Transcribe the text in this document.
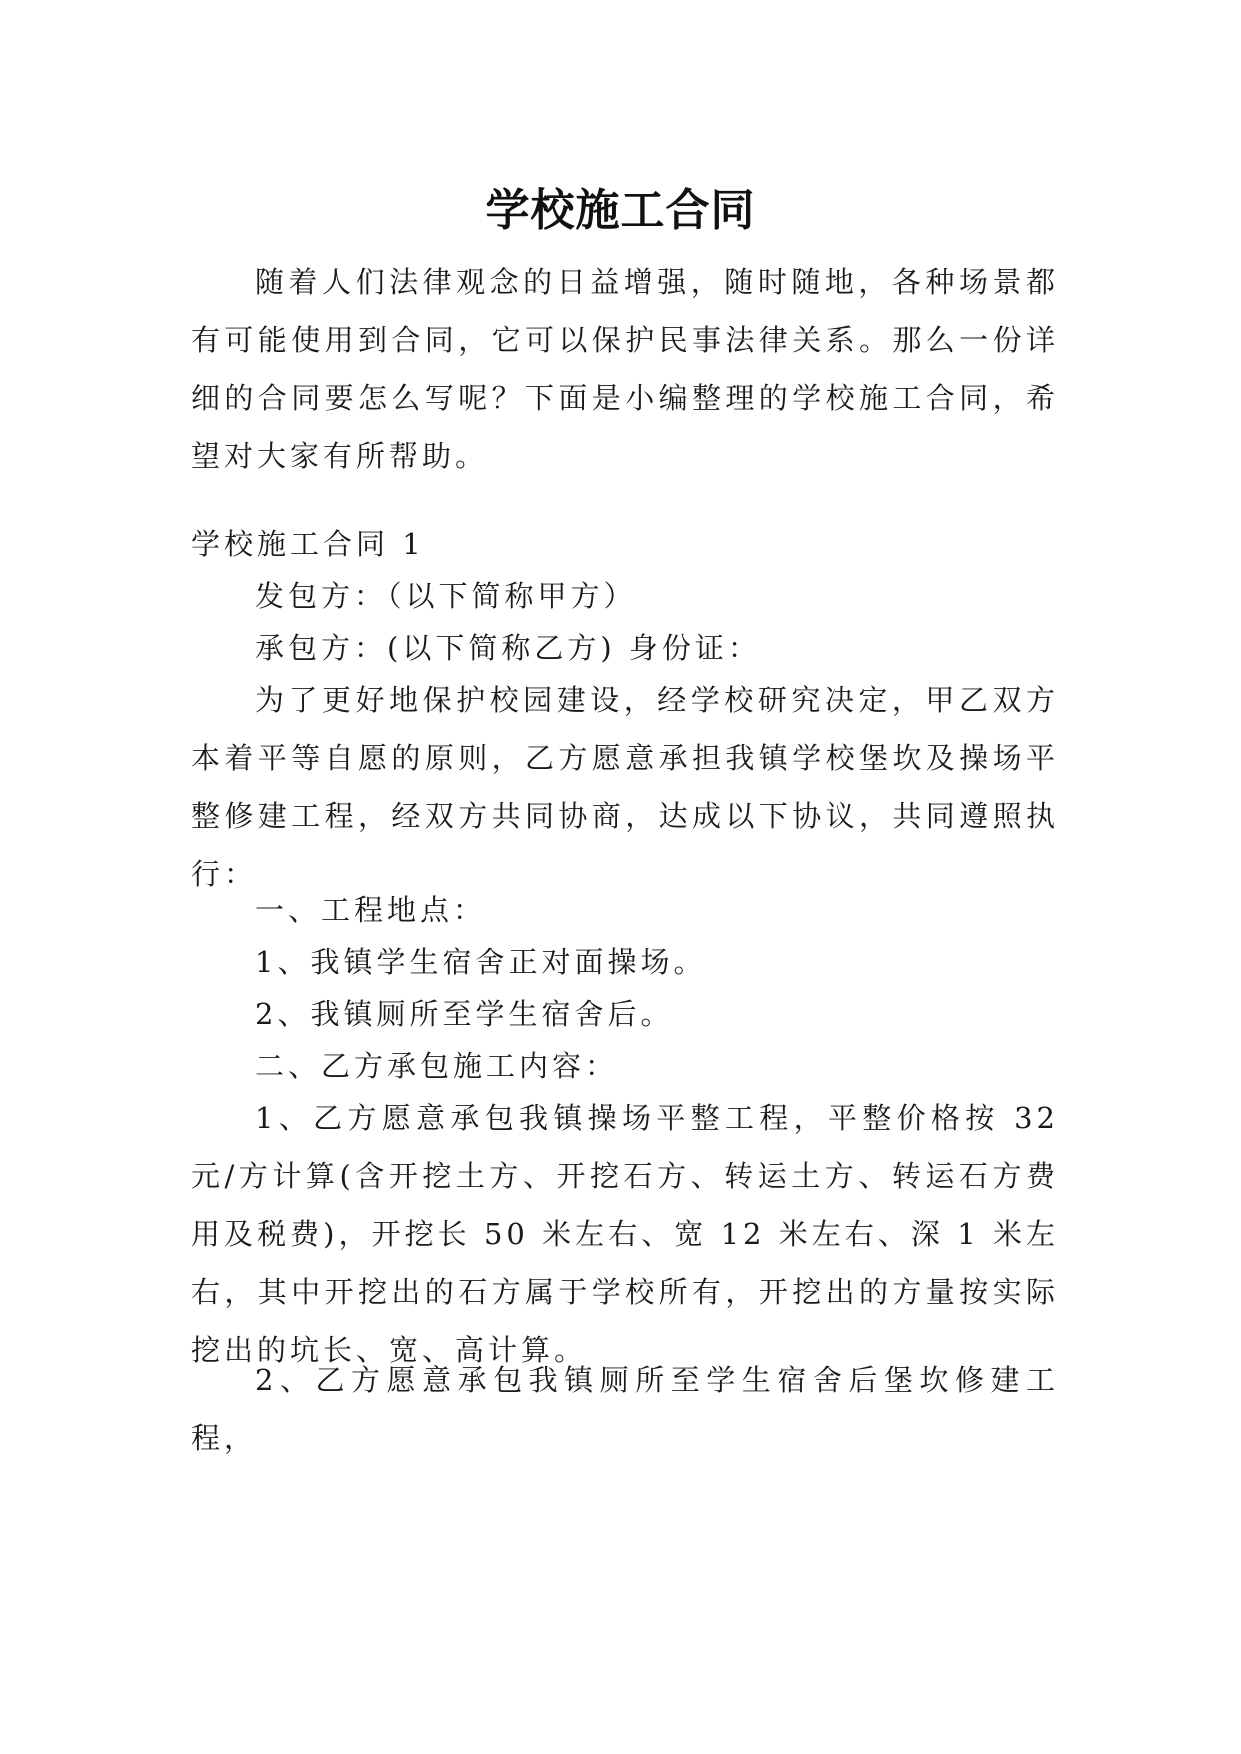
学校施工合同

随着人们法律观念的日益增强，随时随地，各种场景都有可能使用到合同，它可以保护民事法律关系。那么一份详细的合同要怎么写呢？下面是小编整理的学校施工合同，希望对大家有所帮助。

学校施工合同 1

发包方：（以下简称甲方）

承包方：(以下简称乙方) 身份证：

为了更好地保护校园建设，经学校研究决定，甲乙双方本着平等自愿的原则，乙方愿意承担我镇学校堡坎及操场平整修建工程，经双方共同协商，达成以下协议，共同遵照执行：

一、工程地点：

1、我镇学生宿舍正对面操场。

2、我镇厕所至学生宿舍后。

二、乙方承包施工内容：

1、乙方愿意承包我镇操场平整工程，平整价格按 32 元/方计算(含开挖土方、开挖石方、转运土方、转运石方费用及税费)，开挖长 50 米左右、宽 12 米左右、深 1 米左右，其中开挖出的石方属于学校所有，开挖出的方量按实际挖出的坑长、宽、高计算。

2、乙方愿意承包我镇厕所至学生宿舍后堡坎修建工程，
